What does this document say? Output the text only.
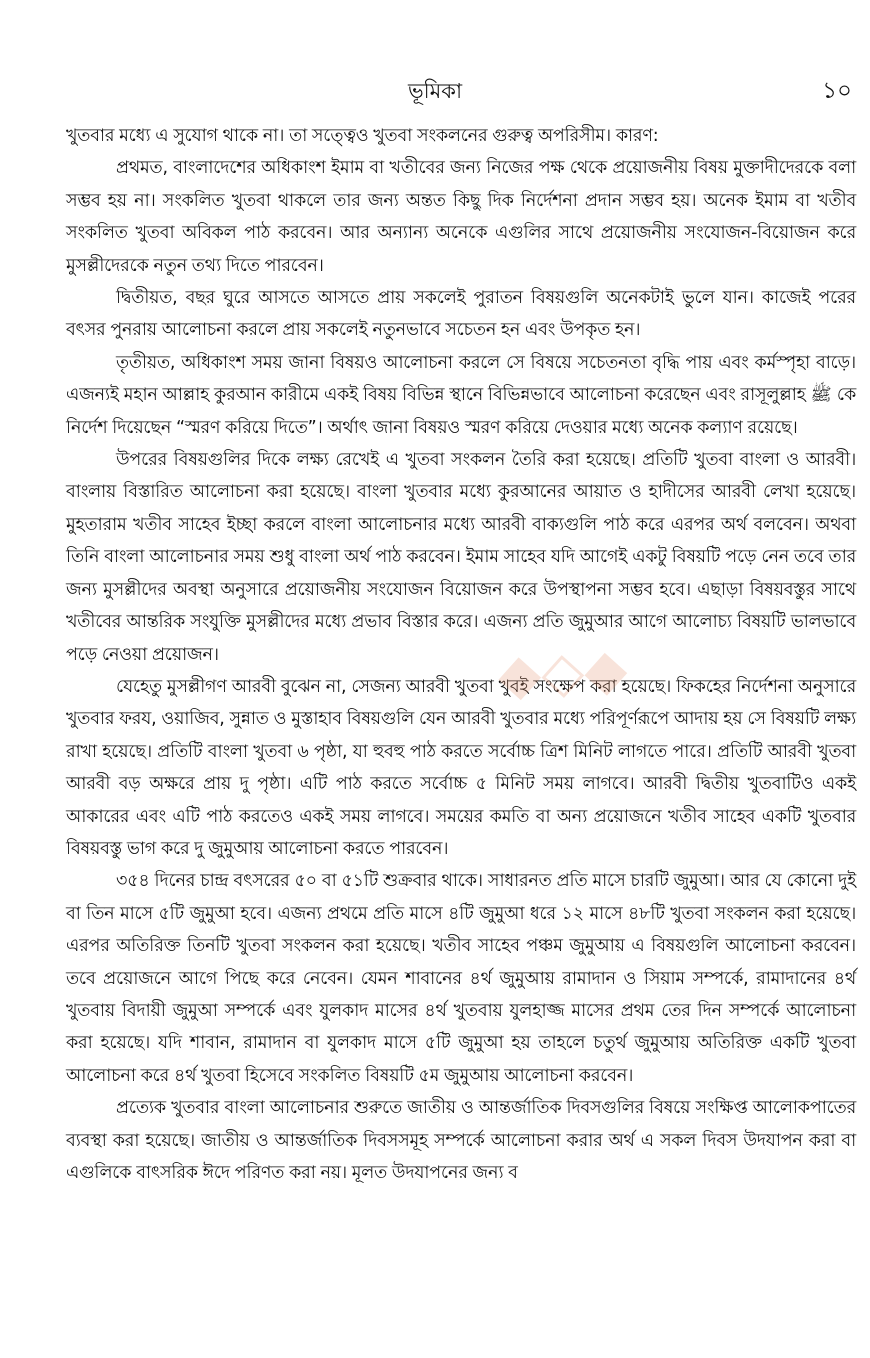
ভূমিকা	১০

খুতবার মধ্যে এ সুযোগ থাকে না। তা সত্ত্বেও খুতবা সংকলনের গুরুত্ব অপরিসীম। কারণ:

প্রথমত, বাংলাদেশের অধিকাংশ ইমাম বা খতীবের জন্য নিজের পক্ষ থেকে প্রয়োজনীয় বিষয় মুক্তাদীদেরকে বলা সম্ভব হয় না। সংকলিত খুতবা থাকলে তার জন্য অন্তত কিছু দিক নির্দেশনা প্রদান সম্ভব হয়। অনেক ইমাম বা খতীব সংকলিত খুতবা অবিকল পাঠ করবেন। আর অন্যান্য অনেকে এগুলির সাথে প্রয়োজনীয় সংযোজন-বিয়োজন করে মুসল্লীদেরকে নতুন তথ্য দিতে পারবেন।

দ্বিতীয়ত, বছর ঘুরে আসতে আসতে প্রায় সকলেই পুরাতন বিষয়গুলি অনেকটাই ভুলে যান। কাজেই পরের বৎসর পুনরায় আলোচনা করলে প্রায় সকলেই নতুনভাবে সচেতন হন এবং উপকৃত হন।

তৃতীয়ত, অধিকাংশ সময় জানা বিষয়ও আলোচনা করলে সে বিষয়ে সচেতনতা বৃদ্ধি পায় এবং কর্মস্পৃহা বাড়ে। এজন্যই মহান আল্লাহ কুরআন কারীমে একই বিষয় বিভিন্ন স্থানে বিভিন্নভাবে আলোচনা করেছেন এবং রাসূলুল্লাহ ﷺ কে নির্দেশ দিয়েছেন “স্মরণ করিয়ে দিতে”। অর্থাৎ জানা বিষয়ও স্মরণ করিয়ে দেওয়ার মধ্যে অনেক কল্যাণ রয়েছে।

উপরের বিষয়গুলির দিকে লক্ষ্য রেখেই এ খুতবা সংকলন তৈরি করা হয়েছে। প্রতিটি খুতবা বাংলা ও আরবী। বাংলায় বিস্তারিত আলোচনা করা হয়েছে। বাংলা খুতবার মধ্যে কুরআনের আয়াত ও হাদীসের আরবী লেখা হয়েছে। মুহতারাম খতীব সাহেব ইচ্ছা করলে বাংলা আলোচনার মধ্যে আরবী বাক্যগুলি পাঠ করে এরপর অর্থ বলবেন। অথবা তিনি বাংলা আলোচনার সময় শুধু বাংলা অর্থ পাঠ করবেন। ইমাম সাহেব যদি আগেই একটু বিষয়টি পড়ে নেন তবে তার জন্য মুসল্লীদের অবস্থা অনুসারে প্রয়োজনীয় সংযোজন বিয়োজন করে উপস্থাপনা সম্ভব হবে। এছাড়া বিষয়বস্তুর সাথে খতীবের আন্তরিক সংযুক্তি মুসল্লীদের মধ্যে প্রভাব বিস্তার করে। এজন্য প্রতি জুমুআর আগে আলোচ্য বিষয়টি ভালভাবে পড়ে নেওয়া প্রয়োজন।

যেহেতু মুসল্লীগণ আরবী বুঝেন না, সেজন্য আরবী খুতবা খুবই সংক্ষেপ করা হয়েছে। ফিকহের নির্দেশনা অনুসারে খুতবার ফরয, ওয়াজিব, সুন্নাত ও মুস্তাহাব বিষয়গুলি যেন আরবী খুতবার মধ্যে পরিপূর্ণরূপে আদায় হয় সে বিষয়টি লক্ষ্য রাখা হয়েছে। প্রতিটি বাংলা খুতবা ৬ পৃষ্ঠা, যা হুবহু পাঠ করতে সর্বোচ্চ ত্রিশ মিনিট লাগতে পারে। প্রতিটি আরবী খুতবা আরবী বড় অক্ষরে প্রায় দু পৃষ্ঠা। এটি পাঠ করতে সর্বোচ্চ ৫ মিনিট সময় লাগবে। আরবী দ্বিতীয় খুতবাটিও একই আকারের এবং এটি পাঠ করতেও একই সময় লাগবে। সময়ের কমতি বা অন্য প্রয়োজনে খতীব সাহেব একটি খুতবার বিষয়বস্তু ভাগ করে দু জুমুআয় আলোচনা করতে পারবেন।

৩৫৪ দিনের চান্দ্র বৎসরের ৫০ বা ৫১টি শুক্রবার থাকে। সাধারনত প্রতি মাসে চারটি জুমুআ। আর যে কোনো দুই বা তিন মাসে ৫টি জুমুআ হবে। এজন্য প্রথমে প্রতি মাসে ৪টি জুমুআ ধরে ১২ মাসে ৪৮টি খুতবা সংকলন করা হয়েছে। এরপর অতিরিক্ত তিনটি খুতবা সংকলন করা হয়েছে। খতীব সাহেব পঞ্চম জুমুআয় এ বিষয়গুলি আলোচনা করবেন। তবে প্রয়োজনে আগে পিছে করে নেবেন। যেমন শাবানের ৪র্থ জুমুআয় রামাদান ও সিয়াম সম্পর্কে, রামাদানের ৪র্থ খুতবায় বিদায়ী জুমুআ সম্পর্কে এবং যুলকাদ মাসের ৪র্থ খুতবায় যুলহাজ্জ মাসের প্রথম তের দিন সম্পর্কে আলোচনা করা হয়েছে। যদি শাবান, রামাদান বা যুলকাদ মাসে ৫টি জুমুআ হয় তাহলে চতুর্থ জুমুআয় অতিরিক্ত একটি খুতবা আলোচনা করে ৪র্থ খুতবা হিসেবে সংকলিত বিষয়টি ৫ম জুমুআয় আলোচনা করবেন।

প্রত্যেক খুতবার বাংলা আলোচনার শুরুতে জাতীয় ও আন্তর্জাতিক দিবসগুলির বিষয়ে সংক্ষিপ্ত আলোকপাতের ব্যবস্থা করা হয়েছে। জাতীয় ও আন্তর্জাতিক দিবসসমূহ সম্পর্কে আলোচনা করার অর্থ এ সকল দিবস উদযাপন করা বা এগুলিকে বাৎসরিক ঈদে পরিণত করা নয়। মূলত উদযাপনের জন্য ব

◆◇◆
